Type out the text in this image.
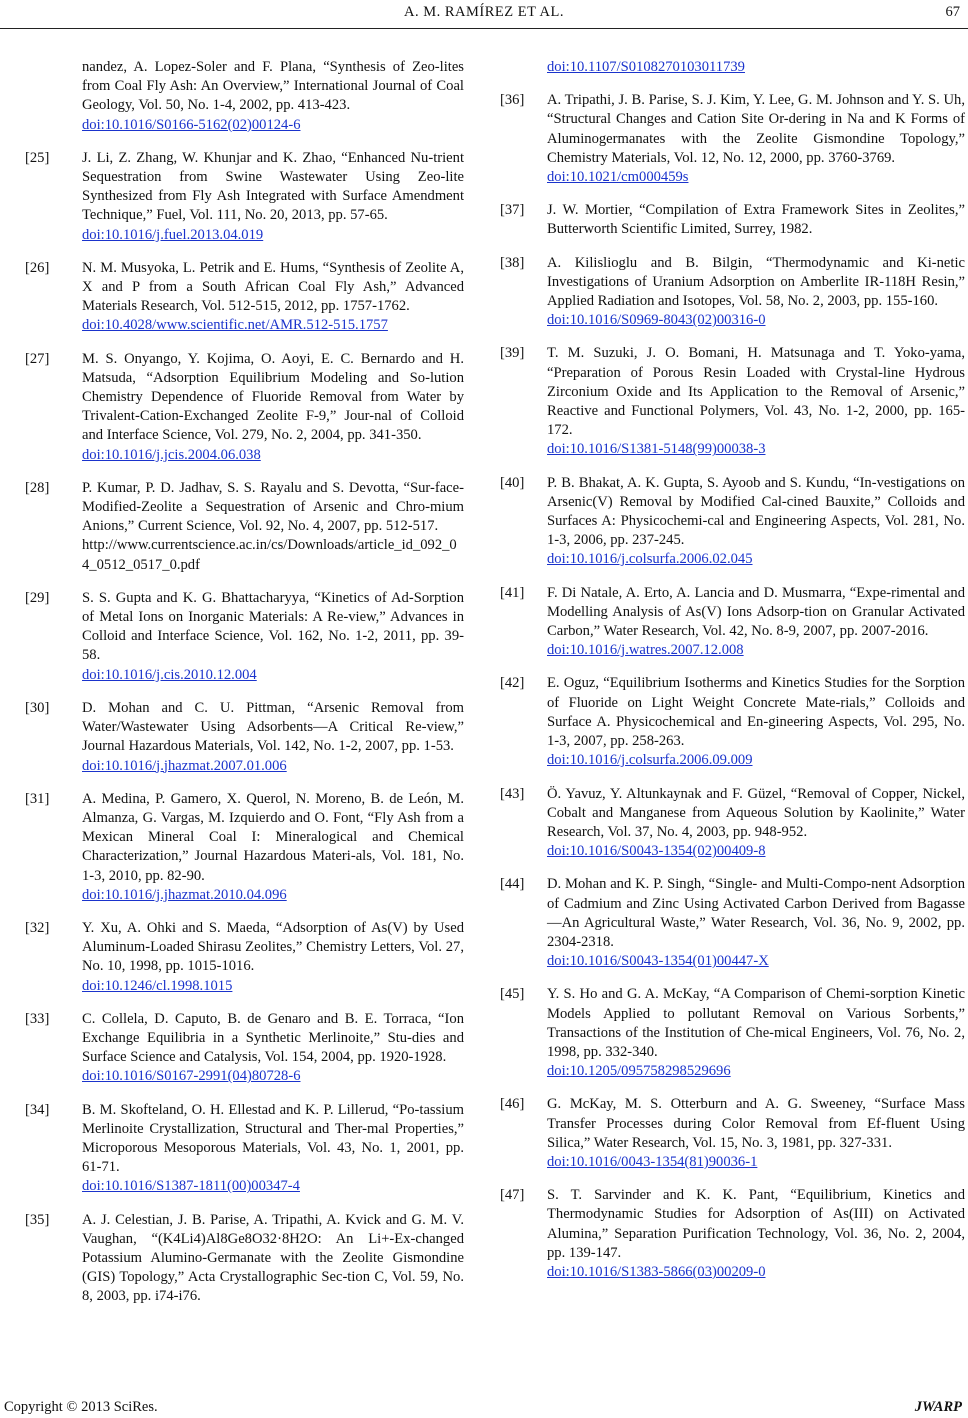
A. M. RAMÍREZ ET AL.	67
nandez, A. Lopez-Soler and F. Plana, “Synthesis of Zeo-lites from Coal Fly Ash: An Overview,” International Journal of Coal Geology, Vol. 50, No. 1-4, 2002, pp. 413-423.
doi:10.1016/S0166-5162(02)00124-6
[25] J. Li, Z. Zhang, W. Khunjar and K. Zhao, “Enhanced Nu-trient Sequestration from Swine Wastewater Using Zeo-lite Synthesized from Fly Ash Integrated with Surface Amendment Technique,” Fuel, Vol. 111, No. 20, 2013, pp. 57-65.
doi:10.1016/j.fuel.2013.04.019
[26] N. M. Musyoka, L. Petrik and E. Hums, “Synthesis of Zeolite A, X and P from a South African Coal Fly Ash,” Advanced Materials Research, Vol. 512-515, 2012, pp. 1757-1762.
doi:10.4028/www.scientific.net/AMR.512-515.1757
[27] M. S. Onyango, Y. Kojima, O. Aoyi, E. C. Bernardo and H. Matsuda, “Adsorption Equilibrium Modeling and So-lution Chemistry Dependence of Fluoride Removal from Water by Trivalent-Cation-Exchanged Zeolite F-9,” Jour-nal of Colloid and Interface Science, Vol. 279, No. 2, 2004, pp. 341-350.
doi:10.1016/j.jcis.2004.06.038
[28] P. Kumar, P. D. Jadhav, S. S. Rayalu and S. Devotta, “Sur-face-Modified-Zeolite a Sequestration of Arsenic and Chro-mium Anions,” Current Science, Vol. 92, No. 4, 2007, pp. 512-517.
http://www.currentscience.ac.in/cs/Downloads/article_id_092_04_0512_0517_0.pdf
[29] S. S. Gupta and K. G. Bhattacharyya, “Kinetics of Ad-Sorption of Metal Ions on Inorganic Materials: A Re-view,” Advances in Colloid and Interface Science, Vol. 162, No. 1-2, 2011, pp. 39-58.
doi:10.1016/j.cis.2010.12.004
[30] D. Mohan and C. U. Pittman, “Arsenic Removal from Water/Wastewater Using Adsorbents—A Critical Re-view,” Journal Hazardous Materials, Vol. 142, No. 1-2, 2007, pp. 1-53.
doi:10.1016/j.jhazmat.2007.01.006
[31] A. Medina, P. Gamero, X. Querol, N. Moreno, B. de León, M. Almanza, G. Vargas, M. Izquierdo and O. Font, “Fly Ash from a Mexican Mineral Coal I: Mineralogical and Chemical Characterization,” Journal Hazardous Materi-als, Vol. 181, No. 1-3, 2010, pp. 82-90.
doi:10.1016/j.jhazmat.2010.04.096
[32] Y. Xu, A. Ohki and S. Maeda, “Adsorption of As(V) by Used Aluminum-Loaded Shirasu Zeolites,” Chemistry Letters, Vol. 27, No. 10, 1998, pp. 1015-1016.
doi:10.1246/cl.1998.1015
[33] C. Collela, D. Caputo, B. de Genaro and B. E. Torraca, “Ion Exchange Equilibria in a Synthetic Merlinoite,” Stu-dies and Surface Science and Catalysis, Vol. 154, 2004, pp. 1920-1928.
doi:10.1016/S0167-2991(04)80728-6
[34] B. M. Skofteland, O. H. Ellestad and K. P. Lillerud, “Po-tassium Merlinoite Crystallization, Structural and Ther-mal Properties,” Microporous Mesoporous Materials, Vol. 43, No. 1, 2001, pp. 61-71.
doi:10.1016/S1387-1811(00)00347-4
[35] A. J. Celestian, J. B. Parise, A. Tripathi, A. Kvick and G. M. V. Vaughan, “(K4Li4)Al8Ge8O32·8H2O: An Li+-Ex-changed Potassium Alumino-Germanate with the Zeolite Gismondine (GIS) Topology,” Acta Crystallographic Sec-tion C, Vol. 59, No. 8, 2003, pp. i74-i76.
doi:10.1107/S0108270103011739
[36] A. Tripathi, J. B. Parise, S. J. Kim, Y. Lee, G. M. Johnson and Y. S. Uh, “Structural Changes and Cation Site Or-dering in Na and K Forms of Aluminogermanates with the Zeolite Gismondine Topology,” Chemistry Materials, Vol. 12, No. 12, 2000, pp. 3760-3769.
doi:10.1021/cm000459s
[37] J. W. Mortier, “Compilation of Extra Framework Sites in Zeolites,” Butterworth Scientific Limited, Surrey, 1982.
[38] A. Kilislioglu and B. Bilgin, “Thermodynamic and Ki-netic Investigations of Uranium Adsorption on Amberlite IR-118H Resin,” Applied Radiation and Isotopes, Vol. 58, No. 2, 2003, pp. 155-160.
doi:10.1016/S0969-8043(02)00316-0
[39] T. M. Suzuki, J. O. Bomani, H. Matsunaga and T. Yoko-yama, “Preparation of Porous Resin Loaded with Crystal-line Hydrous Zirconium Oxide and Its Application to the Removal of Arsenic,” Reactive and Functional Polymers, Vol. 43, No. 1-2, 2000, pp. 165-172.
doi:10.1016/S1381-5148(99)00038-3
[40] P. B. Bhakat, A. K. Gupta, S. Ayoob and S. Kundu, “In-vestigations on Arsenic(V) Removal by Modified Cal-cined Bauxite,” Colloids and Surfaces A: Physicochemi-cal and Engineering Aspects, Vol. 281, No. 1-3, 2006, pp. 237-245.
doi:10.1016/j.colsurfa.2006.02.045
[41] F. Di Natale, A. Erto, A. Lancia and D. Musmarra, “Expe-rimental and Modelling Analysis of As(V) Ions Adsorp-tion on Granular Activated Carbon,” Water Research, Vol. 42, No. 8-9, 2007, pp. 2007-2016.
doi:10.1016/j.watres.2007.12.008
[42] E. Oguz, “Equilibrium Isotherms and Kinetics Studies for the Sorption of Fluoride on Light Weight Concrete Mate-rials,” Colloids and Surface A. Physicochemical and En-gineering Aspects, Vol. 295, No. 1-3, 2007, pp. 258-263.
doi:10.1016/j.colsurfa.2006.09.009
[43] Ö. Yavuz, Y. Altunkaynak and F. Güzel, “Removal of Copper, Nickel, Cobalt and Manganese from Aqueous Solution by Kaolinite,” Water Research, Vol. 37, No. 4, 2003, pp. 948-952.
doi:10.1016/S0043-1354(02)00409-8
[44] D. Mohan and K. P. Singh, “Single- and Multi-Compo-nent Adsorption of Cadmium and Zinc Using Activated Carbon Derived from Bagasse—An Agricultural Waste,” Water Research, Vol. 36, No. 9, 2002, pp. 2304-2318.
doi:10.1016/S0043-1354(01)00447-X
[45] Y. S. Ho and G. A. McKay, “A Comparison of Chemi-sorption Kinetic Models Applied to pollutant Removal on Various Sorbents,” Transactions of the Institution of Che-mical Engineers, Vol. 76, No. 2, 1998, pp. 332-340.
doi:10.1205/095758298529696
[46] G. McKay, M. S. Otterburn and A. G. Sweeney, “Surface Mass Transfer Processes during Color Removal from Ef-fluent Using Silica,” Water Research, Vol. 15, No. 3, 1981, pp. 327-331.
doi:10.1016/0043-1354(81)90036-1
[47] S. T. Sarvinder and K. K. Pant, “Equilibrium, Kinetics and Thermodynamic Studies for Adsorption of As(III) on Activated Alumina,” Separation Purification Technology, Vol. 36, No. 2, 2004, pp. 139-147.
doi:10.1016/S1383-5866(03)00209-0
Copyright © 2013 SciRes.	JWARP
